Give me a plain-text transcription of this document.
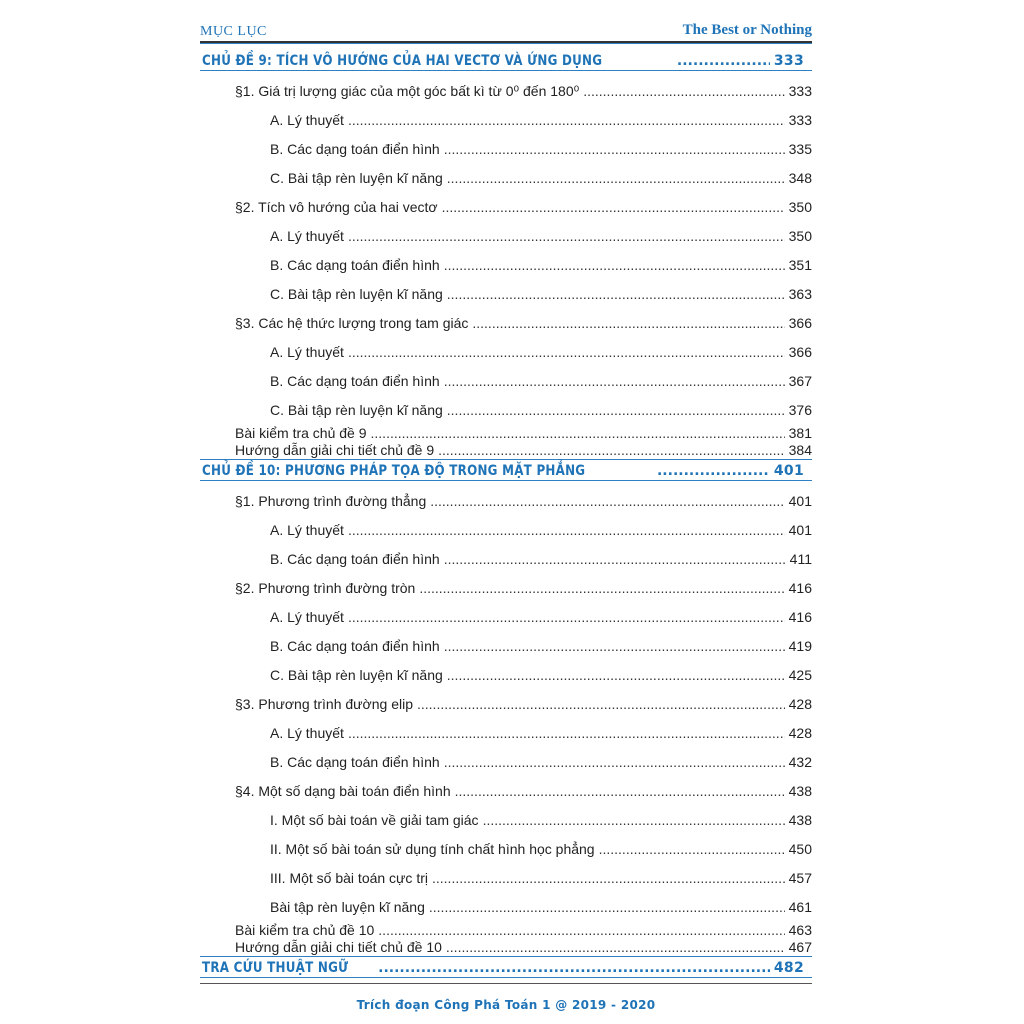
MỤC LỤC	The Best or Nothing
CHỦ ĐỀ 9: TÍCH VÔ HƯỚNG CỦA HAI VECTƠ VÀ ỨNG DỤNG .....	333
§1. Giá trị lượng giác của một góc bất kì từ 0⁰ đến 180⁰ .....	333
A. Lý thuyết .....	333
B. Các dạng toán điển hình .....	335
C. Bài tập rèn luyện kĩ năng .....	348
§2. Tích vô hướng của hai vectơ .....	350
A. Lý thuyết .....	350
B. Các dạng toán điển hình .....	351
C. Bài tập rèn luyện kĩ năng .....	363
§3. Các hệ thức lượng trong tam giác .....	366
A. Lý thuyết .....	366
B. Các dạng toán điển hình .....	367
C. Bài tập rèn luyện kĩ năng .....	376
Bài kiểm tra chủ đề 9 .....	381
Hướng dẫn giải chi tiết chủ đề 9 .....	384
CHỦ ĐỀ 10: PHƯƠNG PHÁP TỌA ĐỘ TRONG MẶT PHẲNG .....	401
§1. Phương trình đường thẳng .....	401
A. Lý thuyết .....	401
B. Các dạng toán điển hình .....	411
§2. Phương trình đường tròn .....	416
A. Lý thuyết .....	416
B. Các dạng toán điển hình .....	419
C. Bài tập rèn luyện kĩ năng .....	425
§3. Phương trình đường elip .....	428
A. Lý thuyết .....	428
B. Các dạng toán điển hình .....	432
§4. Một số dạng bài toán điển hình .....	438
I. Một số bài toán về giải tam giác .....	438
II. Một số bài toán sử dụng tính chất hình học phẳng .....	450
III. Một số bài toán cực trị .....	457
Bài tập rèn luyện kĩ năng .....	461
Bài kiểm tra chủ đề 10 .....	463
Hướng dẫn giải chi tiết chủ đề 10 .....	467
TRA CỨU THUẬT NGỮ .....	482
Trích đoạn Công Phá Toán 1 @ 2019 - 2020
